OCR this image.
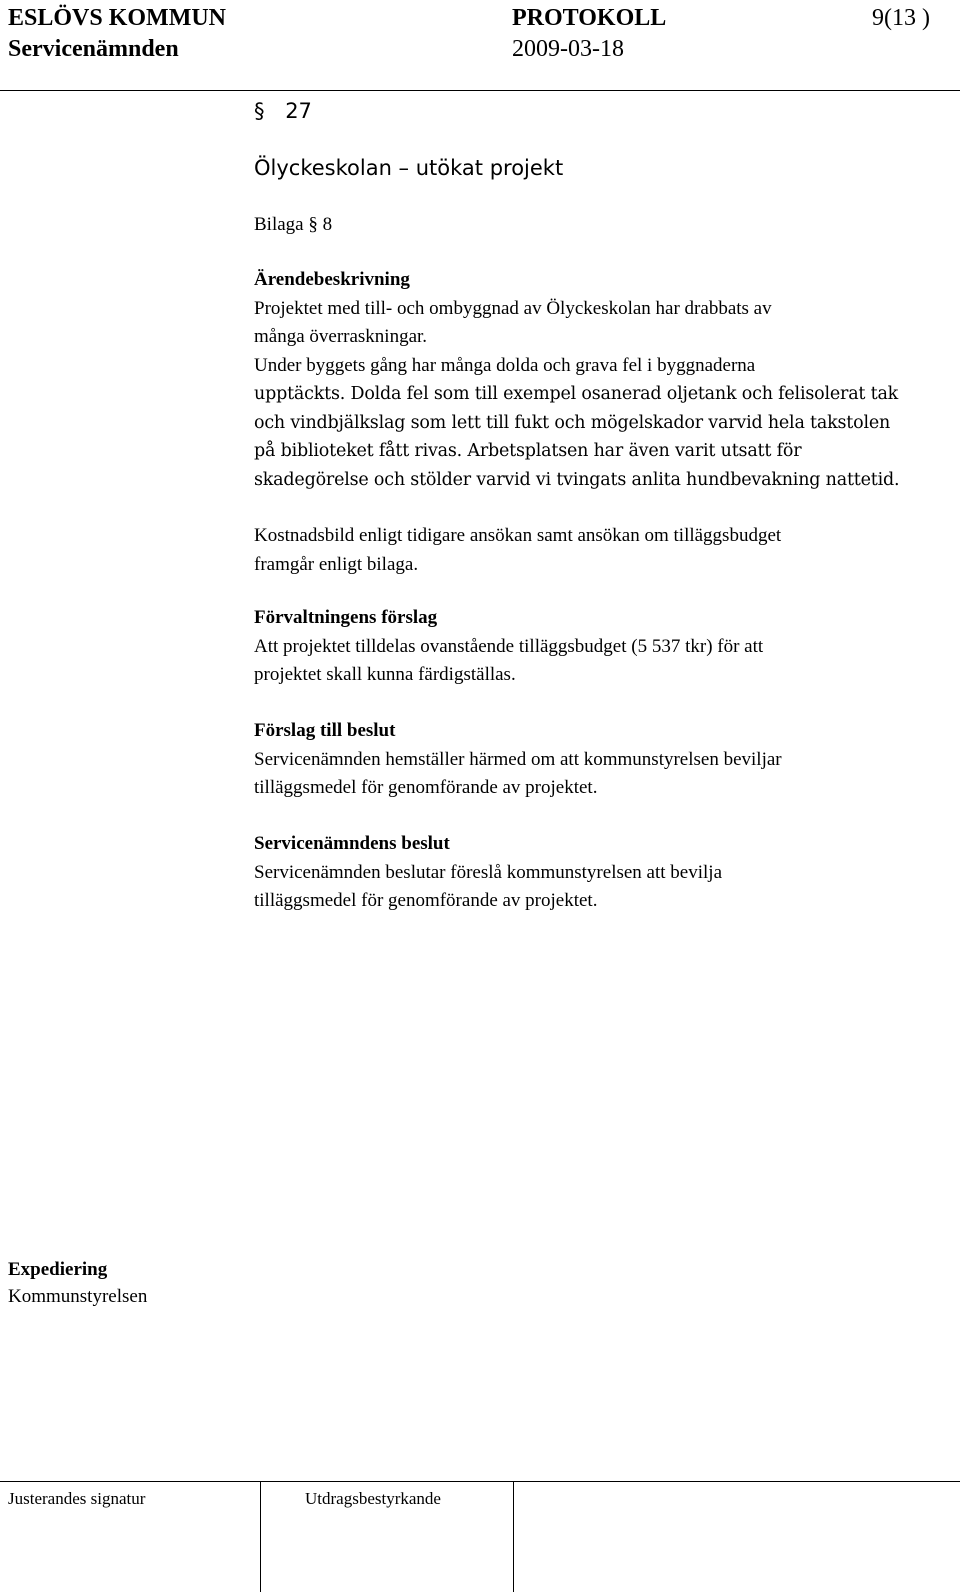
ESLÖVS KOMMUN	PROTOKOLL	9(13 )
Servicenämnden	2009-03-18
§ 27
Ölyckeskolan – utökat projekt
Bilaga § 8
Ärendebeskrivning
Projektet med till- och ombyggnad av Ölyckeskolan har drabbats av
många överraskningar.
Under byggets gång har många dolda och grava fel i byggnaderna
upptäckts. Dolda fel som till exempel osanerad oljetank och felisolerat tak
och vindbjälkslag som lett till fukt och mögelskador varvid hela takstolen
på biblioteket fått rivas. Arbetsplatsen har även varit utsatt för
skadegörelse och stölder varvid vi tvingats anlita hundbevakning nattetid.
Kostnadsbild enligt tidigare ansökan samt ansökan om tilläggsbudget
framgår enligt bilaga.
Förvaltningens förslag
Att projektet tilldelas ovanstående tilläggsbudget (5 537 tkr) för att
projektet skall kunna färdigställas.
Förslag till beslut
Servicenämnden hemställer härmed om att kommunstyrelsen beviljar
tilläggsmedel för genomförande av projektet.
Servicenämndens beslut
Servicenämnden beslutar föreslå kommunstyrelsen att bevilja
tilläggsmedel för genomförande av projektet.
Expediering
Kommunstyrelsen
Justerandes signatur	Utdragsbestyrkande
